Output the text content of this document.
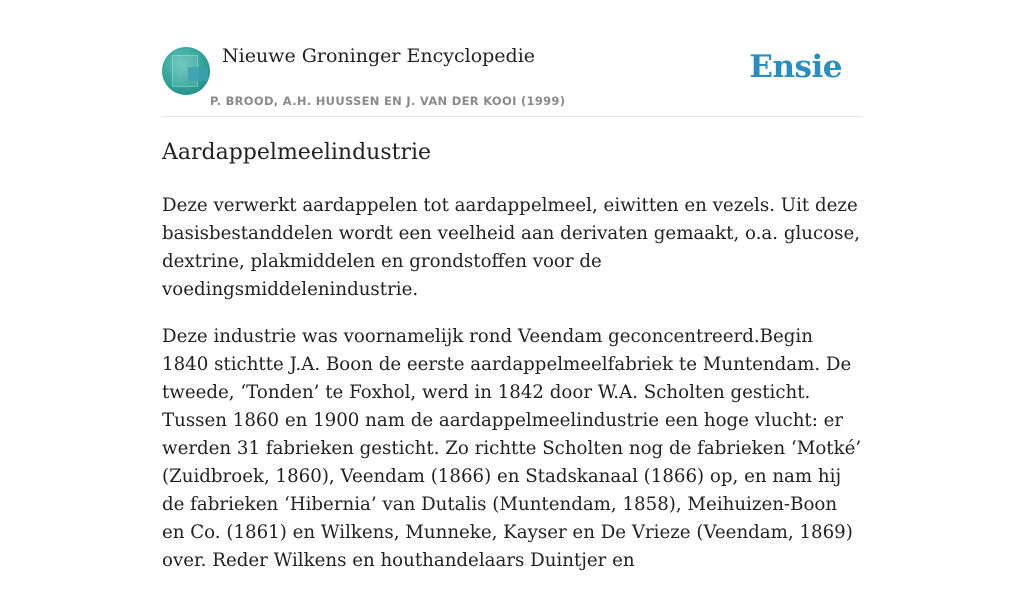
Nieuwe Groninger Encyclopedie
P. BROOD, A.H. HUUSSEN EN J. VAN DER KOOI (1999)
Ensie
Aardappelmeelindustrie

Deze verwerkt aardappelen tot aardappelmeel, eiwitten en vezels. Uit deze basisbestanddelen wordt een veelheid aan derivaten gemaakt, o.a. glucose, dextrine, plakmiddelen en grondstoffen voor de voedingsmiddelenindustrie.

Deze industrie was voornamelijk rond Veendam geconcentreerd.Begin 1840 stichtte J.A. Boon de eerste aardappelmeelfabriek te Muntendam. De tweede, ‘Tonden’ te Foxhol, werd in 1842 door W.A. Scholten gesticht. Tussen 1860 en 1900 nam de aardappelmeelindustrie een hoge vlucht: er werden 31 fabrieken gesticht. Zo richtte Scholten nog de fabrieken ‘Motké’ (Zuidbroek, 1860), Veendam (1866) en Stadskanaal (1866) op, en nam hij de fabrieken ‘Hibernia’ van Dutalis (Muntendam, 1858), Meihuizen-Boon en Co. (1861) en Wilkens, Munneke, Kayser en De Vrieze (Veendam, 1869) over. Reder Wilkens en houthandelaars Duintjer en
